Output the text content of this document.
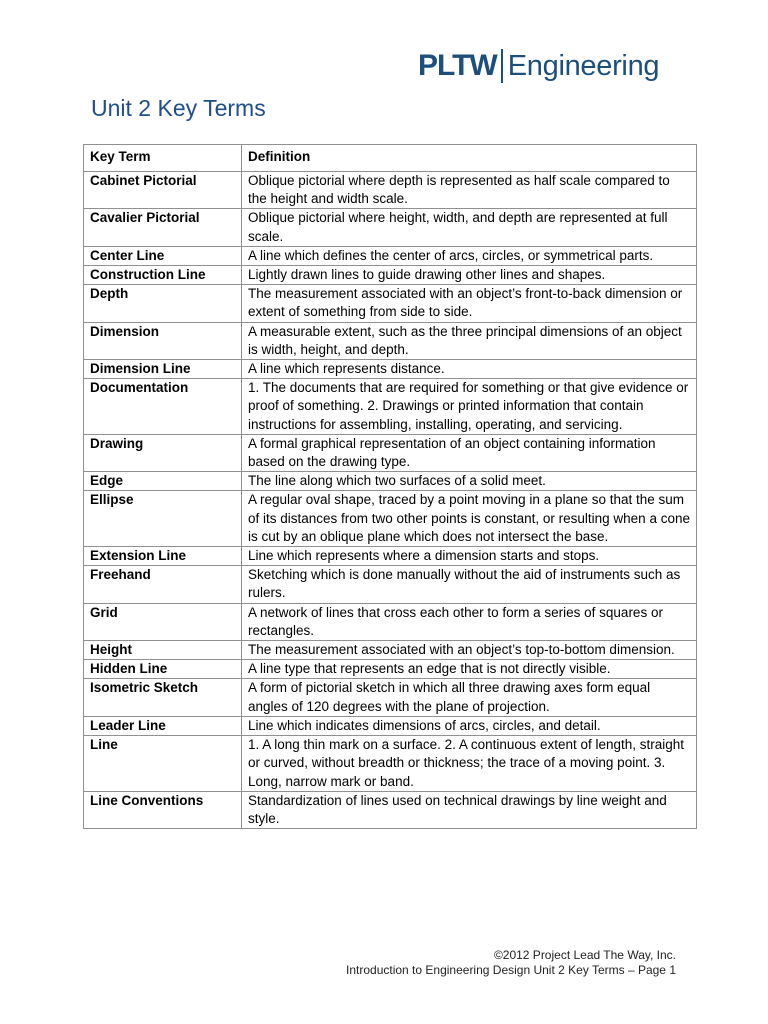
PLTW Engineering
Unit 2 Key Terms
Key Term	Definition
Cabinet Pictorial	Oblique pictorial where depth is represented as half scale compared to the height and width scale.
Cavalier Pictorial	Oblique pictorial where height, width, and depth are represented at full scale.
Center Line	A line which defines the center of arcs, circles, or symmetrical parts.
Construction Line	Lightly drawn lines to guide drawing other lines and shapes.
Depth	The measurement associated with an object’s front-to-back dimension or extent of something from side to side.
Dimension	A measurable extent, such as the three principal dimensions of an object is width, height, and depth.
Dimension Line	A line which represents distance.
Documentation	1. The documents that are required for something or that give evidence or proof of something. 2. Drawings or printed information that contain instructions for assembling, installing, operating, and servicing.
Drawing	A formal graphical representation of an object containing information based on the drawing type.
Edge	The line along which two surfaces of a solid meet.
Ellipse	A regular oval shape, traced by a point moving in a plane so that the sum of its distances from two other points is constant, or resulting when a cone is cut by an oblique plane which does not intersect the base.
Extension Line	Line which represents where a dimension starts and stops.
Freehand	Sketching which is done manually without the aid of instruments such as rulers.
Grid	A network of lines that cross each other to form a series of squares or rectangles.
Height	The measurement associated with an object’s top-to-bottom dimension.
Hidden Line	A line type that represents an edge that is not directly visible.
Isometric Sketch	A form of pictorial sketch in which all three drawing axes form equal angles of 120 degrees with the plane of projection.
Leader Line	Line which indicates dimensions of arcs, circles, and detail.
Line	1. A long thin mark on a surface. 2. A continuous extent of length, straight or curved, without breadth or thickness; the trace of a moving point. 3. Long, narrow mark or band.
Line Conventions	Standardization of lines used on technical drawings by line weight and style.
©2012 Project Lead The Way, Inc.
Introduction to Engineering Design Unit 2 Key Terms – Page 1
